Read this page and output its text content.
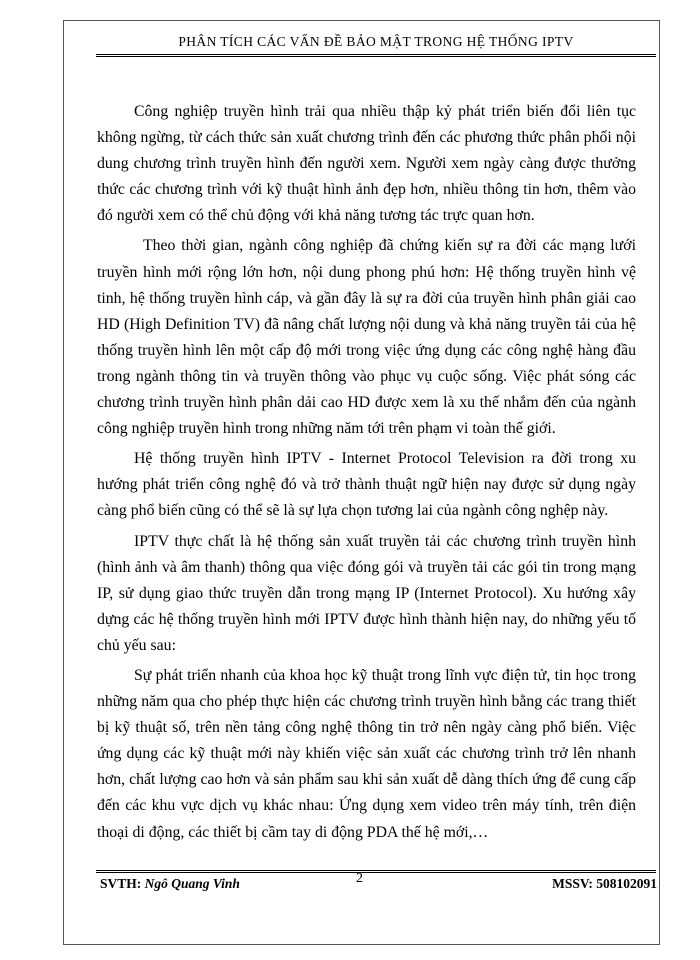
PHÂN TÍCH CÁC VẤN ĐỀ BẢO MẬT TRONG HỆ THỐNG IPTV

Công nghiệp truyền hình trải qua nhiều thập kỷ phát triển biến đổi liên tục không ngừng, từ cách thức sản xuất chương trình đến các phương thức phân phối nội dung chương trình truyền hình đến người xem. Người xem ngày càng được thưởng thức các chương trình với kỹ thuật hình ảnh đẹp hơn, nhiều thông tin hơn, thêm vào đó người xem có thể chủ động với khả năng tương tác trực quan hơn.

Theo thời gian, ngành công nghiệp đã chứng kiến sự ra đời các mạng lưới truyền hình mới rộng lớn hơn, nội dung phong phú hơn: Hệ thống truyền hình vệ tinh, hệ thống truyền hình cáp, và gần đây là sự ra đời của truyền hình phân giải cao HD (High Definition TV) đã nâng chất lượng nội dung và khả năng truyền tải của hệ thống truyền hình lên một cấp độ mới trong việc ứng dụng các công nghệ hàng đầu trong ngành thông tin và truyền thông vào phục vụ cuộc sống. Việc phát sóng các chương trình truyền hình phân dải cao HD được xem là xu thế nhắm đến của ngành công nghiệp truyền hình trong những năm tới trên phạm vi toàn thế giới.

Hệ thống truyền hình IPTV - Internet Protocol Television ra đời trong xu hướng phát triển công nghệ đó và trở thành thuật ngữ hiện nay được sử dụng ngày càng phổ biến cũng có thể sẽ là sự lựa chọn tương lai của ngành công nghệp này.

IPTV thực chất là hệ thống sản xuất truyền tải các chương trình truyền hình (hình ảnh và âm thanh) thông qua việc đóng gói và truyền tải các gói tin trong mạng IP, sử dụng giao thức truyền dẫn trong mạng IP (Internet Protocol). Xu hướng xây dựng các hệ thống truyền hình mới IPTV được hình thành hiện nay, do những yếu tố chủ yếu sau:

Sự phát triển nhanh của khoa học kỹ thuật trong lĩnh vực điện tử, tin học trong những năm qua cho phép thực hiện các chương trình truyền hình bằng các trang thiết bị kỹ thuật số, trên nền tảng công nghệ thông tin trở nên ngày càng phổ biến. Việc ứng dụng các kỹ thuật mới này khiến việc sản xuất các chương trình trở lên nhanh hơn, chất lượng cao hơn và sản phẩm sau khi sản xuất dễ dàng thích ứng để cung cấp đến các khu vực dịch vụ khác nhau: Ứng dụng xem video trên máy tính, trên điện thoại di động, các thiết bị cầm tay di động PDA thế hệ mới,…

SVTH: Ngô Quang Vinh	2	MSSV: 508102091
